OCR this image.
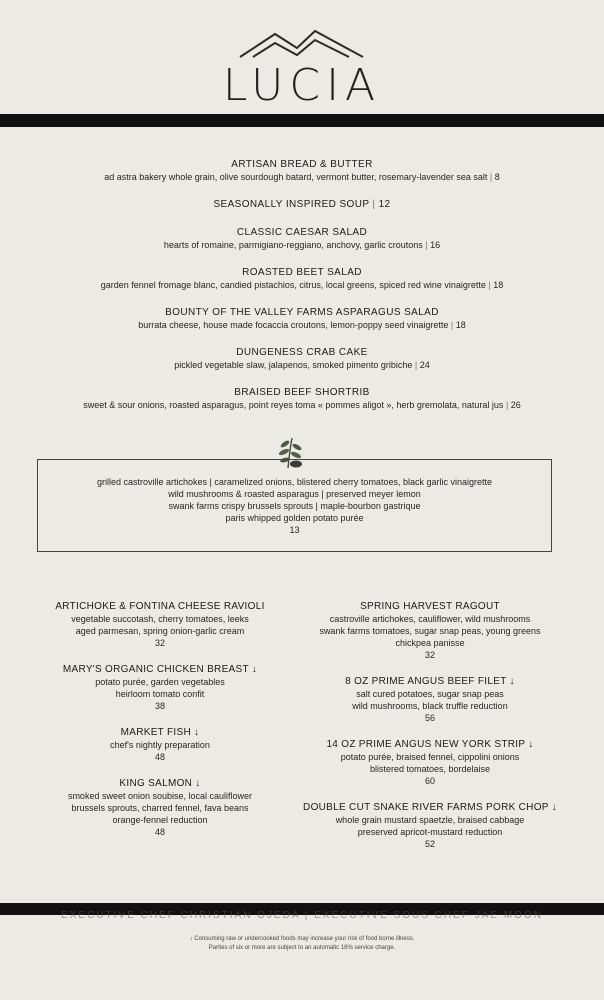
LUCIA
ARTISAN BREAD & BUTTER
ad astra bakery whole grain, olive sourdough batard, vermont butter, rosemary-lavender sea salt | 8
SEASONALLY INSPIRED SOUP | 12
CLASSIC CAESAR SALAD
hearts of romaine, parmigiano-reggiano, anchovy, garlic croutons | 16
ROASTED BEET SALAD
garden fennel fromage blanc, candied pistachios, citrus, local greens, spiced red wine vinaigrette | 18
BOUNTY OF THE VALLEY FARMS ASPARAGUS SALAD
burrata cheese, house made focaccia croutons, lemon-poppy seed vinaigrette | 18
DUNGENESS CRAB CAKE
pickled vegetable slaw, jalapenos, smoked pimento gribiche | 24
BRAISED BEEF SHORTRIB
sweet & sour onions, roasted asparagus, point reyes toma « pommes aligot », herb gremolata, natural jus | 26
grilled castroville artichokes | caramelized onions, blistered cherry tomatoes, black garlic vinaigrette
wild mushrooms & roasted asparagus | preserved meyer lemon
swank farms crispy brussels sprouts | maple-bourbon gastrique
paris whipped golden potato purée
13
ARTICHOKE & FONTINA CHEESE RAVIOLI
vegetable succotash, cherry tomatoes, leeks
aged parmesan, spring onion-garlic cream
32
MARY'S ORGANIC CHICKEN BREAST ↓
potato purée, garden vegetables
heirloom tomato confit
38
MARKET FISH ↓
chef's nightly preparation
48
KING SALMON ↓
smoked sweet onion soubise, local cauliflower
brussels sprouts, charred fennel, fava beans
orange-fennel reduction
48
SPRING HARVEST RAGOUT
castroville artichokes, cauliflower, wild mushrooms
swank farms tomatoes, sugar snap peas, young greens
chickpea panisse
32
8 OZ PRIME ANGUS BEEF FILET ↓
salt cured potatoes, sugar snap peas
wild mushrooms, black truffle reduction
56
14 OZ PRIME ANGUS NEW YORK STRIP ↓
potato purée, braised fennel, cippolini onions
blistered tomatoes, bordelaise
60
DOUBLE CUT SNAKE RIVER FARMS PORK CHOP ↓
whole grain mustard spaetzle, braised cabbage
preserved apricot-mustard reduction
52
EXECUTIVE CHEF CHRISTIAN OJEDA | EXECUTIVE SOUS CHEF JAE MOON
↓ Consuming raw or undercooked foods may increase your risk of food borne illness.
Parties of six or more are subject to an automatic 18% service charge.
